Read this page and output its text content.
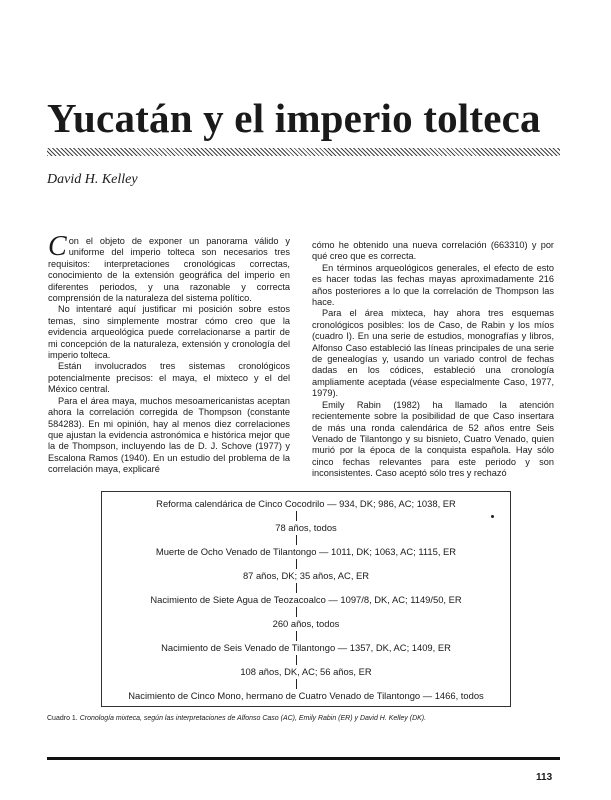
Yucatán y el imperio tolteca
David H. Kelley

Con el objeto de exponer un panorama válido y uniforme del imperio tolteca son necesarios tres requisitos: interpretaciones cronológicas correctas, conocimiento de la extensión geográfica del imperio en diferentes periodos, y una razonable y correcta comprensión de la naturaleza del sistema político.

No intentaré aquí justificar mi posición sobre estos temas, sino simplemente mostrar cómo creo que la evidencia arqueológica puede correlacionarse a partir de mi concepción de la naturaleza, extensión y cronología del imperio tolteca.

Están involucrados tres sistemas cronológicos potencialmente precisos: el maya, el mixteco y el del México central.

Para el área maya, muchos mesoamericanistas aceptan ahora la correlación corregida de Thompson (constante 584283). En mi opinión, hay al menos diez correlaciones que ajustan la evidencia astronómica e histórica mejor que la de Thompson, incluyendo las de D. J. Schove (1977) y Escalona Ramos (1940). En un estudio del problema de la correlación maya, explicaré

cómo he obtenido una nueva correlación (663310) y por qué creo que es correcta.

En términos arqueológicos generales, el efecto de esto es hacer todas las fechas mayas aproximadamente 216 años posteriores a lo que la correlación de Thompson las hace.

Para el área mixteca, hay ahora tres esquemas cronológicos posibles: los de Caso, de Rabin y los míos (cuadro I). En una serie de estudios, monografías y libros, Alfonso Caso estableció las líneas principales de una serie de genealogías y, usando un variado control de fechas dadas en los códices, estableció una cronología ampliamente aceptada (véase especialmente Caso, 1977, 1979).

Emily Rabin (1982) ha llamado la atención recientemente sobre la posibilidad de que Caso insertara de más una ronda calendárica de 52 años entre Seis Venado de Tilantongo y su bisnieto, Cuatro Venado, quien murió por la época de la conquista española. Hay sólo cinco fechas relevantes para este periodo y son inconsistentes. Caso aceptó sólo tres y rechazó

Reforma calendárica de Cinco Cocodrilo — 934, DK; 986, AC; 1038, ER
78 años, todos
Muerte de Ocho Venado de Tilantongo — 1011, DK; 1063, AC; 1115, ER
87 años, DK; 35 años, AC, ER
Nacimiento de Siete Agua de Teozacoalco — 1097/8, DK, AC; 1149/50, ER
260 años, todos
Nacimiento de Seis Venado de Tilantongo — 1357, DK, AC; 1409, ER
108 años, DK, AC; 56 años, ER
Nacimiento de Cinco Mono, hermano de Cuatro Venado de Tilantongo — 1466, todos
Cuadro 1. Cronología mixteca, según las interpretaciones de Alfonso Caso (AC), Emily Rabin (ER) y David H. Kelley (DK).
113
